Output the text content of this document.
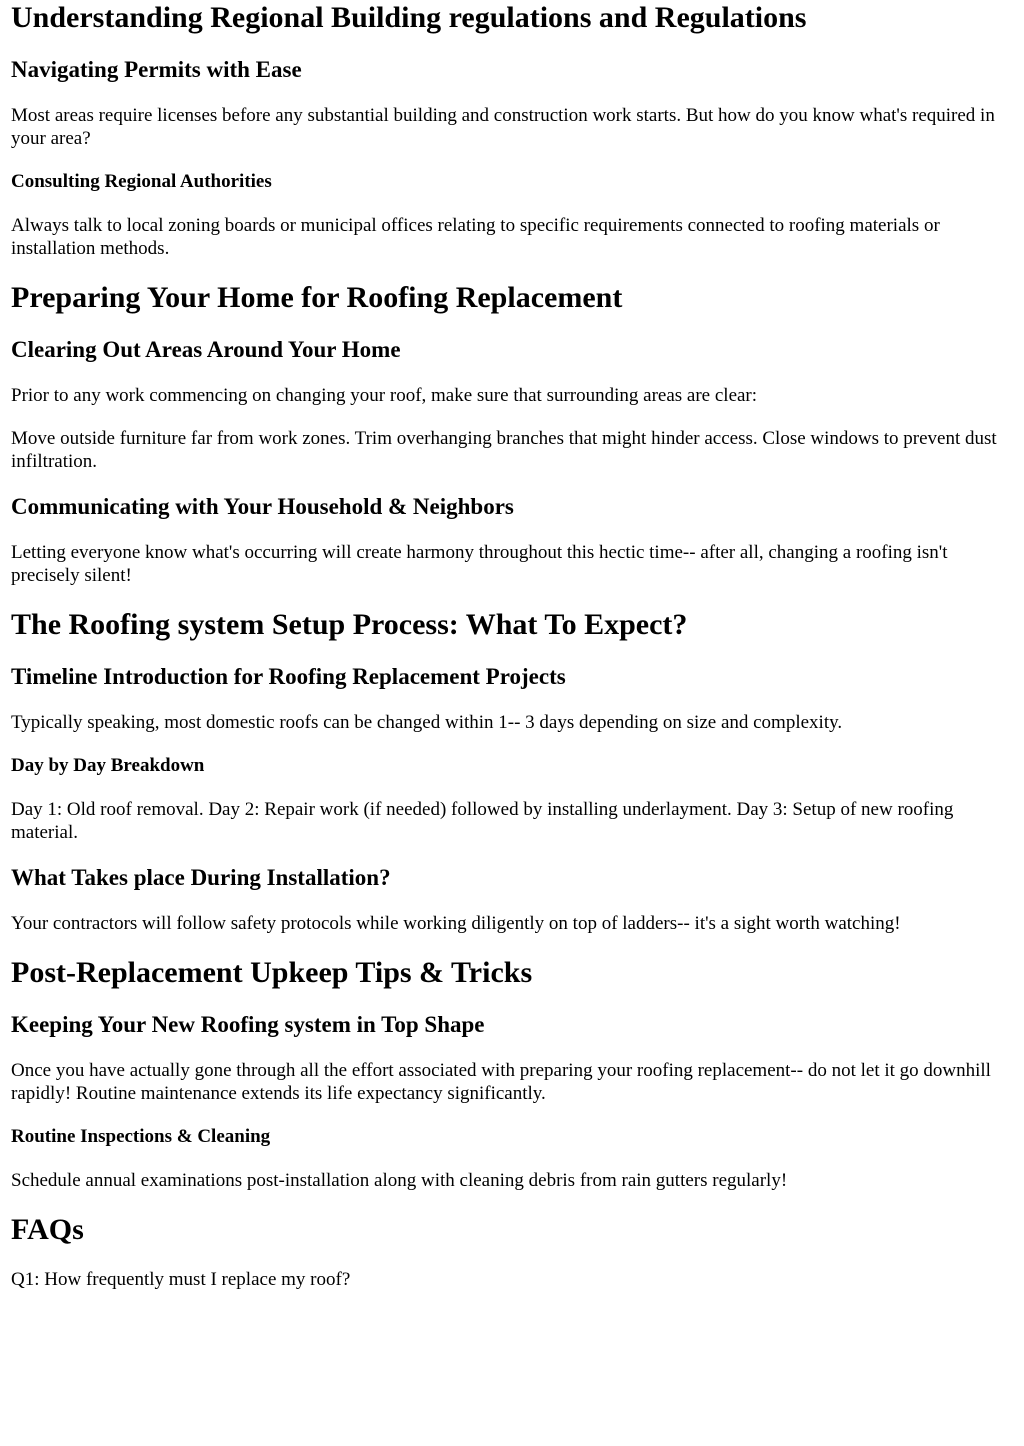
Understanding Regional Building regulations and Regulations
Navigating Permits with Ease

Most areas require licenses before any substantial building and construction work starts. But how do you know what's required in your area?

Consulting Regional Authorities

Always talk to local zoning boards or municipal offices relating to specific requirements connected to roofing materials or installation methods.

Preparing Your Home for Roofing Replacement
Clearing Out Areas Around Your Home

Prior to any work commencing on changing your roof, make sure that surrounding areas are clear:

Move outside furniture far from work zones. Trim overhanging branches that might hinder access. Close windows to prevent dust infiltration.

Communicating with Your Household & Neighbors

Letting everyone know what's occurring will create harmony throughout this hectic time-- after all, changing a roofing isn't precisely silent!

The Roofing system Setup Process: What To Expect?
Timeline Introduction for Roofing Replacement Projects

Typically speaking, most domestic roofs can be changed within 1-- 3 days depending on size and complexity.

Day by Day Breakdown

Day 1: Old roof removal. Day 2: Repair work (if needed) followed by installing underlayment. Day 3: Setup of new roofing material.

What Takes place During Installation?

Your contractors will follow safety protocols while working diligently on top of ladders-- it's a sight worth watching!

Post-Replacement Upkeep Tips & Tricks
Keeping Your New Roofing system in Top Shape

Once you have actually gone through all the effort associated with preparing your roofing replacement-- do not let it go downhill rapidly! Routine maintenance extends its life expectancy significantly.

Routine Inspections & Cleaning

Schedule annual examinations post-installation along with cleaning debris from rain gutters regularly!

FAQs

Q1: How frequently must I replace my roof?
